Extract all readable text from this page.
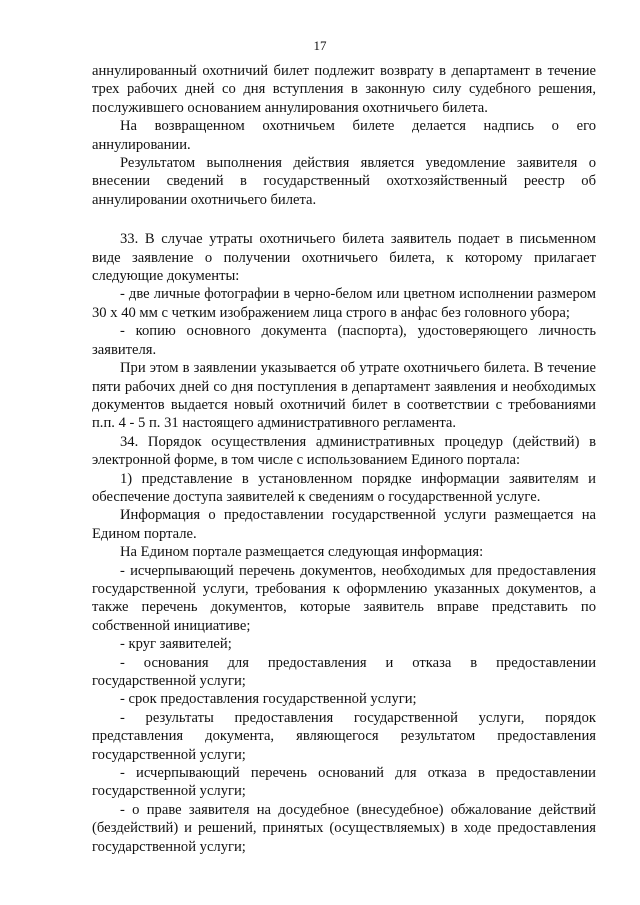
17

аннулированный охотничий билет подлежит возврату в департамент в течение трех рабочих дней со дня вступления в законную силу судебного решения, послужившего основанием аннулирования охотничьего билета.

На возвращенном охотничьем билете делается надпись о его аннулировании.

Результатом выполнения действия является уведомление заявителя о внесении сведений в государственный охотхозяйственный реестр об аннулировании охотничьего билета.

33. В случае утраты охотничьего билета заявитель подает в письменном виде заявление о получении охотничьего билета, к которому прилагает следующие документы:

- две личные фотографии в черно-белом или цветном исполнении размером 30 х 40 мм с четким изображением лица строго в анфас без головного убора;

- копию основного документа (паспорта), удостоверяющего личность заявителя.

При этом в заявлении указывается об утрате охотничьего билета. В течение пяти рабочих дней со дня поступления в департамент заявления и необходимых документов выдается новый охотничий билет в соответствии с требованиями п.п. 4 - 5 п. 31 настоящего административного регламента.

34. Порядок осуществления административных процедур (действий) в электронной форме, в том числе с использованием Единого портала:

1) представление в установленном порядке информации заявителям и обеспечение доступа заявителей к сведениям о государственной услуге.

Информация о предоставлении государственной услуги размещается на Едином портале.

На Едином портале размещается следующая информация:

- исчерпывающий перечень документов, необходимых для предоставления государственной услуги, требования к оформлению указанных документов, а также перечень документов, которые заявитель вправе представить по собственной инициативе;

- круг заявителей;

- основания для предоставления и отказа в предоставлении государственной услуги;

- срок предоставления государственной услуги;

- результаты предоставления государственной услуги, порядок представления документа, являющегося результатом предоставления государственной услуги;

- исчерпывающий перечень оснований для отказа в предоставлении государственной услуги;

- о праве заявителя на досудебное (внесудебное) обжалование действий (бездействий) и решений, принятых (осуществляемых) в ходе предоставления государственной услуги;
